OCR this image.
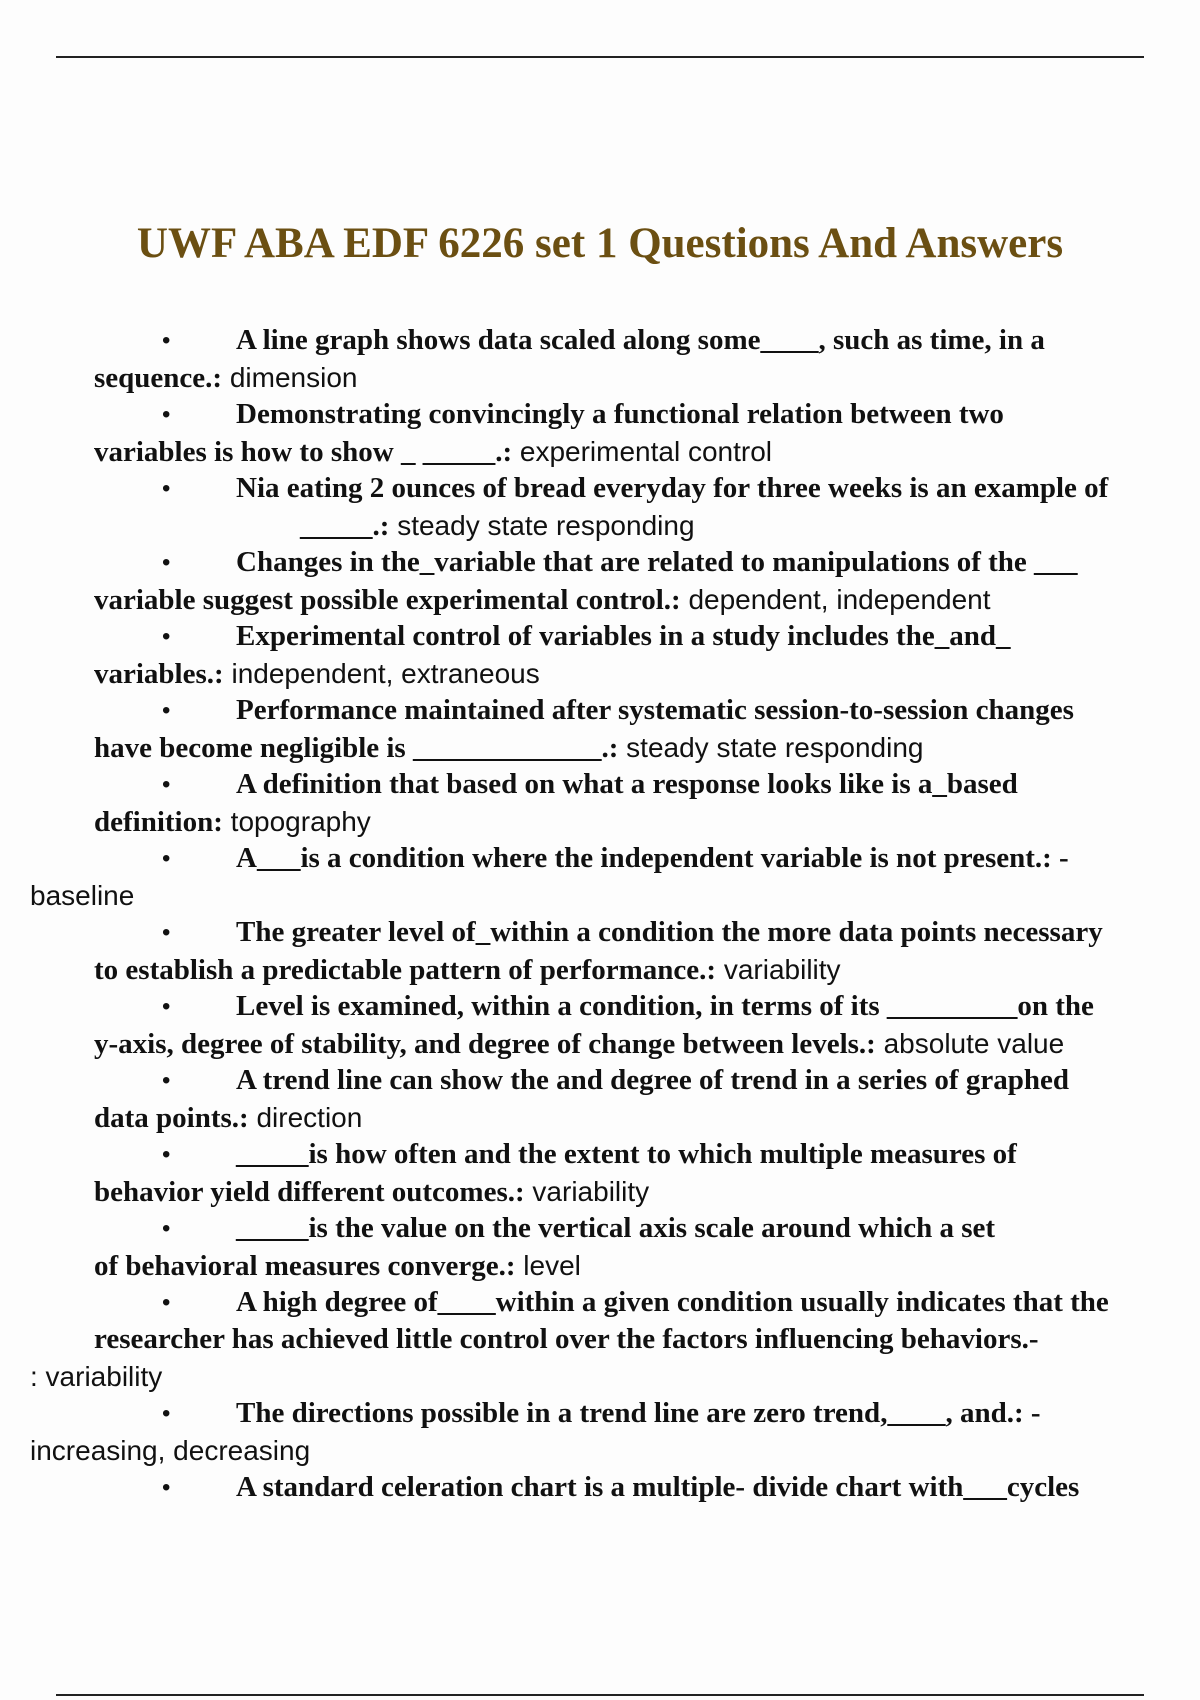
UWF ABA EDF 6226 set 1 Questions And Answers
• A line graph shows data scaled along some____, such as time, in a
sequence.: dimension
• Demonstrating convincingly a functional relation between two
variables is how to show _ _____.: experimental control
• Nia eating 2 ounces of bread everyday for three weeks is an example of
_____.: steady state responding
• Changes in the_variable that are related to manipulations of the ___
variable suggest possible experimental control.: dependent, independent
• Experimental control of variables in a study includes the_and_
variables.: independent, extraneous
• Performance maintained after systematic session-to-session changes
have become negligible is _____________.: steady state responding
• A definition that based on what a response looks like is a_based
definition: topography
• A___is a condition where the independent variable is not present.: -
baseline
• The greater level of_within a condition the more data points necessary
to establish a predictable pattern of performance.: variability
• Level is examined, within a condition, in terms of its _________on the
y-axis, degree of stability, and degree of change between levels.: absolute value
• A trend line can show the and degree of trend in a series of graphed
data points.: direction
• _____is how often and the extent to which multiple measures of
behavior yield different outcomes.: variability
• _____is the value on the vertical axis scale around which a set
of behavioral measures converge.: level
• A high degree of____within a given condition usually indicates that the
researcher has achieved little control over the factors influencing behaviors.-
: variability
• The directions possible in a trend line are zero trend,____, and.: -
increasing, decreasing
• A standard celeration chart is a multiple- divide chart with___cycles
